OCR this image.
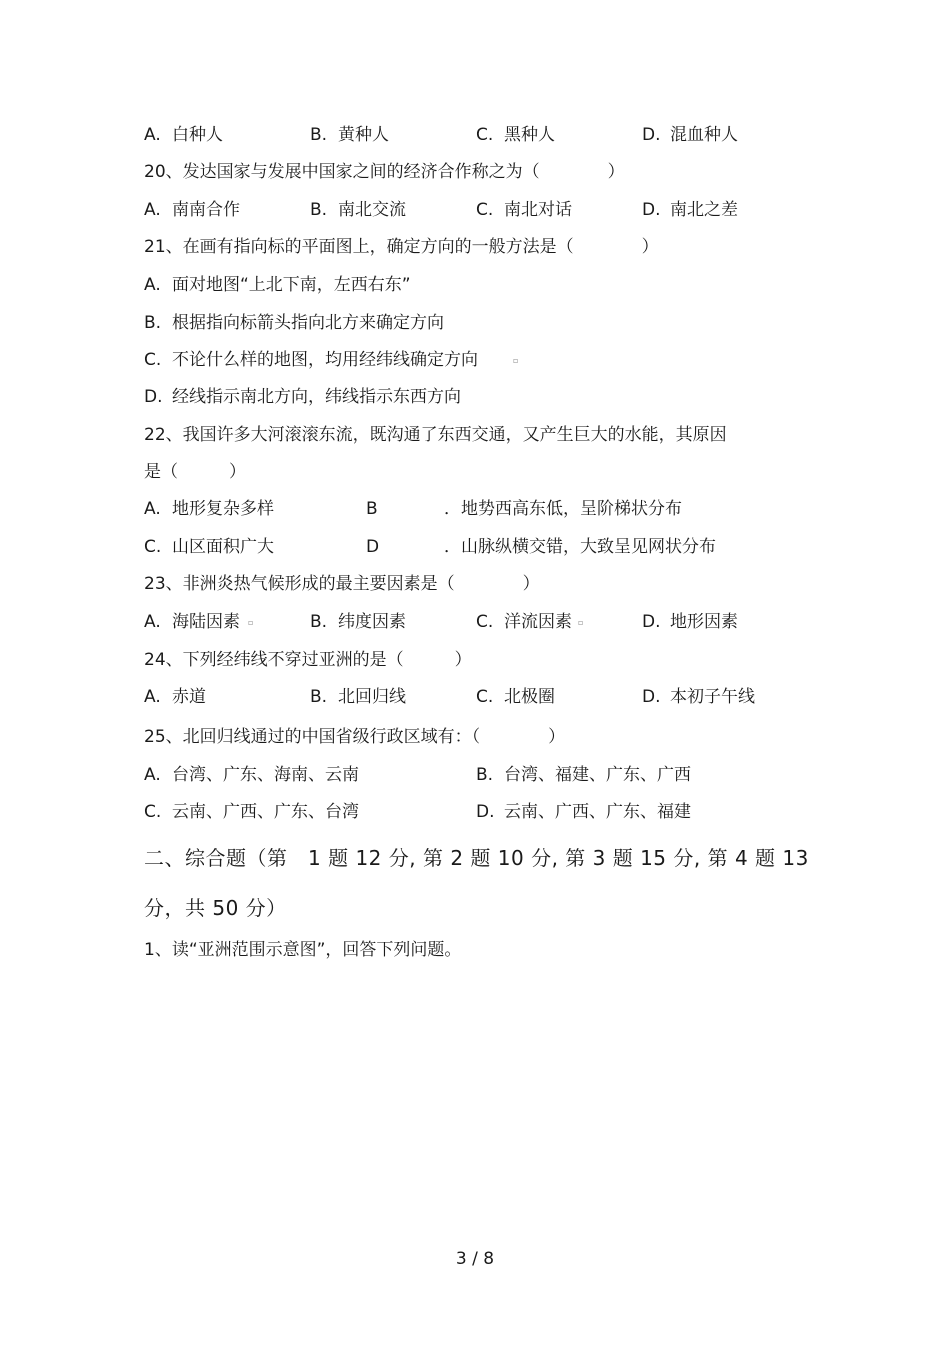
A. 白种人	B. 黄种人	C. 黑种人	D. 混血种人
20、发达国家与发展中国家之间的经济合作称之为（　　　　）
A. 南南合作	B. 南北交流	C. 南北对话	D. 南北之差
21、在画有指向标的平面图上，确定方向的一般方法是（　　　　）
A. 面对地图“上北下南，左西右东”
B. 根据指向标箭头指向北方来确定方向
C. 不论什么样的地图，均用经纬线确定方向	▫
D. 经线指示南北方向，纬线指示东西方向
22、我国许多大河滚滚东流，既沟通了东西交通，又产生巨大的水能，其原因
是（　　　）
A. 地形复杂多样	B	．地势西高东低，呈阶梯状分布
C. 山区面积广大	D	．山脉纵横交错，大致呈见网状分布
23、非洲炎热气候形成的最主要因素是（　　　　）
A. 海陆因素 ▫	B. 纬度因素	C. 洋流因素 ▫	D. 地形因素
24、下列经纬线不穿过亚洲的是（　　　）
A. 赤道	B. 北回归线	C. 北极圈	D. 本初子午线
25、北回归线通过的中国省级行政区域有：（　　　　）
A. 台湾、广东、海南、云南	B. 台湾、福建、广东、广西
C. 云南、广西、广东、台湾	D. 云南、广西、广东、福建
二、综合题（第　1 题 12 分, 第 2 题 10 分, 第 3 题 15 分, 第 4 题 13
分，共 50 分）
1、读“亚洲范围示意图”，回答下列问题。
3 / 8
